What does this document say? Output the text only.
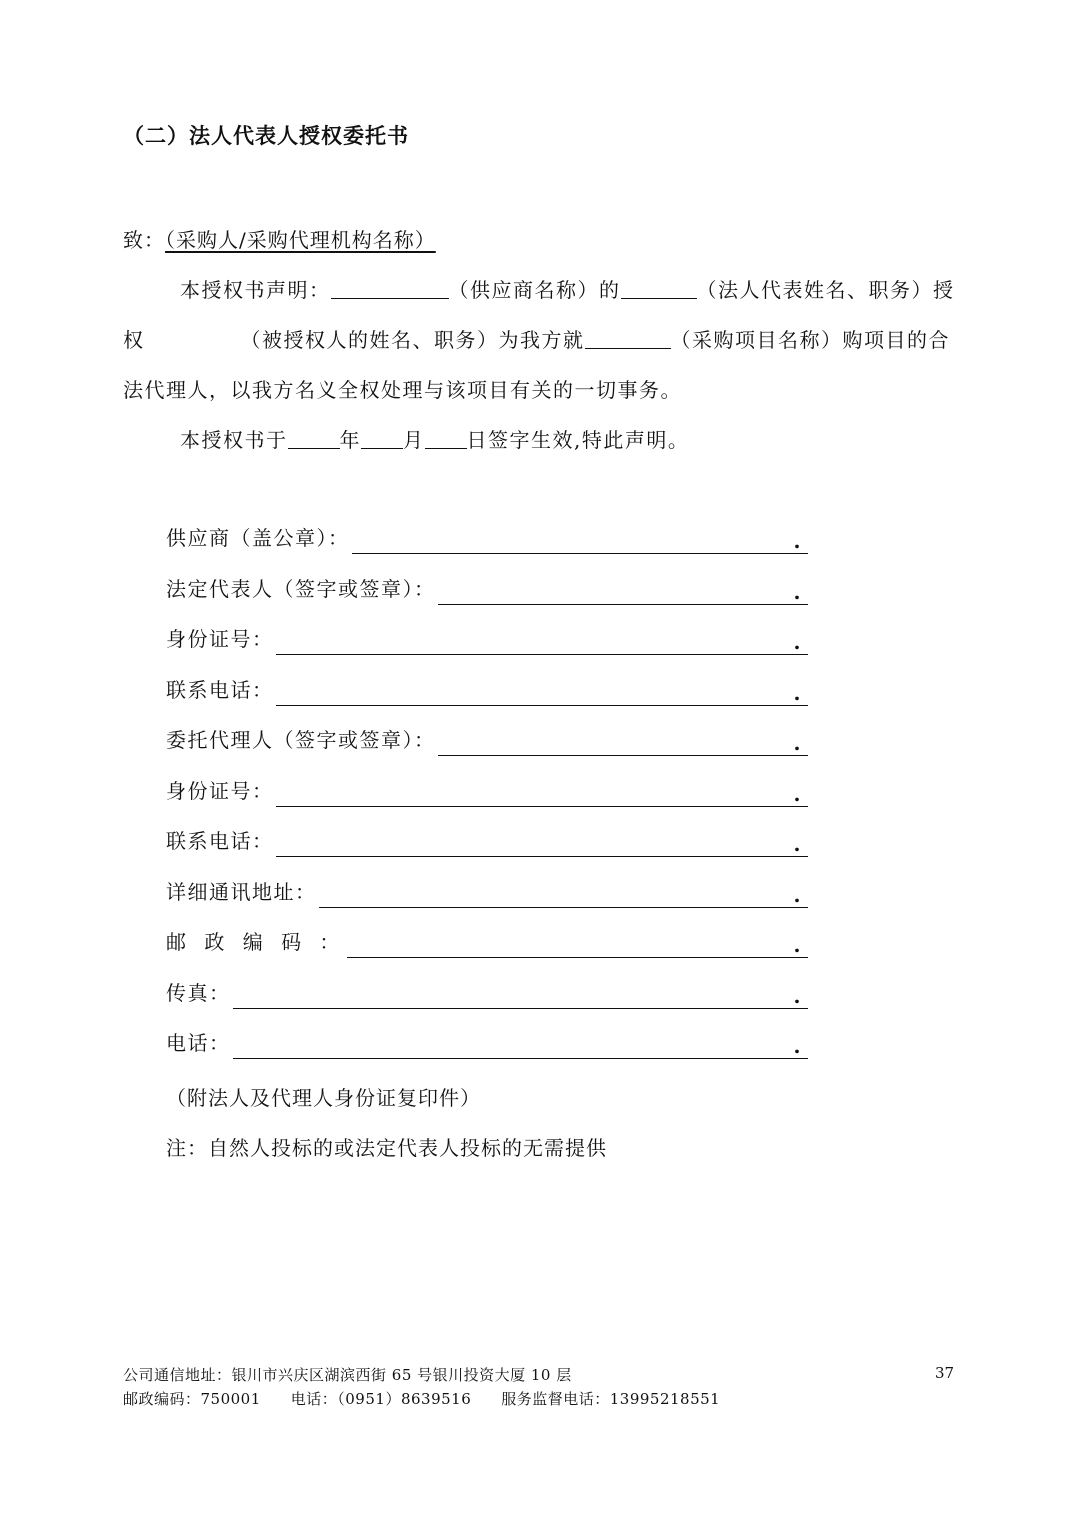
（二）法人代表人授权委托书
致：（采购人/采购代理机构名称）
本授权书声明：	（供应商名称）的	（法人代表姓名、职务）授
权	（被授权人的姓名、职务）为我方就	（采购项目名称）购项目的合
法代理人，以我方名义全权处理与该项目有关的一切事务。
本授权书于	年 月 日签字生效,特此声明。
供应商（盖公章）：	.
法定代表人（签字或签章）：	.
身份证号：	.
联系电话：	.
委托代理人（签字或签章）：	.
身份证号：	.
联系电话：	.
详细通讯地址：	.
邮 政 编 码 ：	.
传真：	.
电话：	.
（附法人及代理人身份证复印件）
注：自然人投标的或法定代表人投标的无需提供
公司通信地址：银川市兴庆区湖滨西街 65 号银川投资大厦 10 层
邮政编码：750001 电话：（0951）8639516 服务监督电话：13995218551
37
